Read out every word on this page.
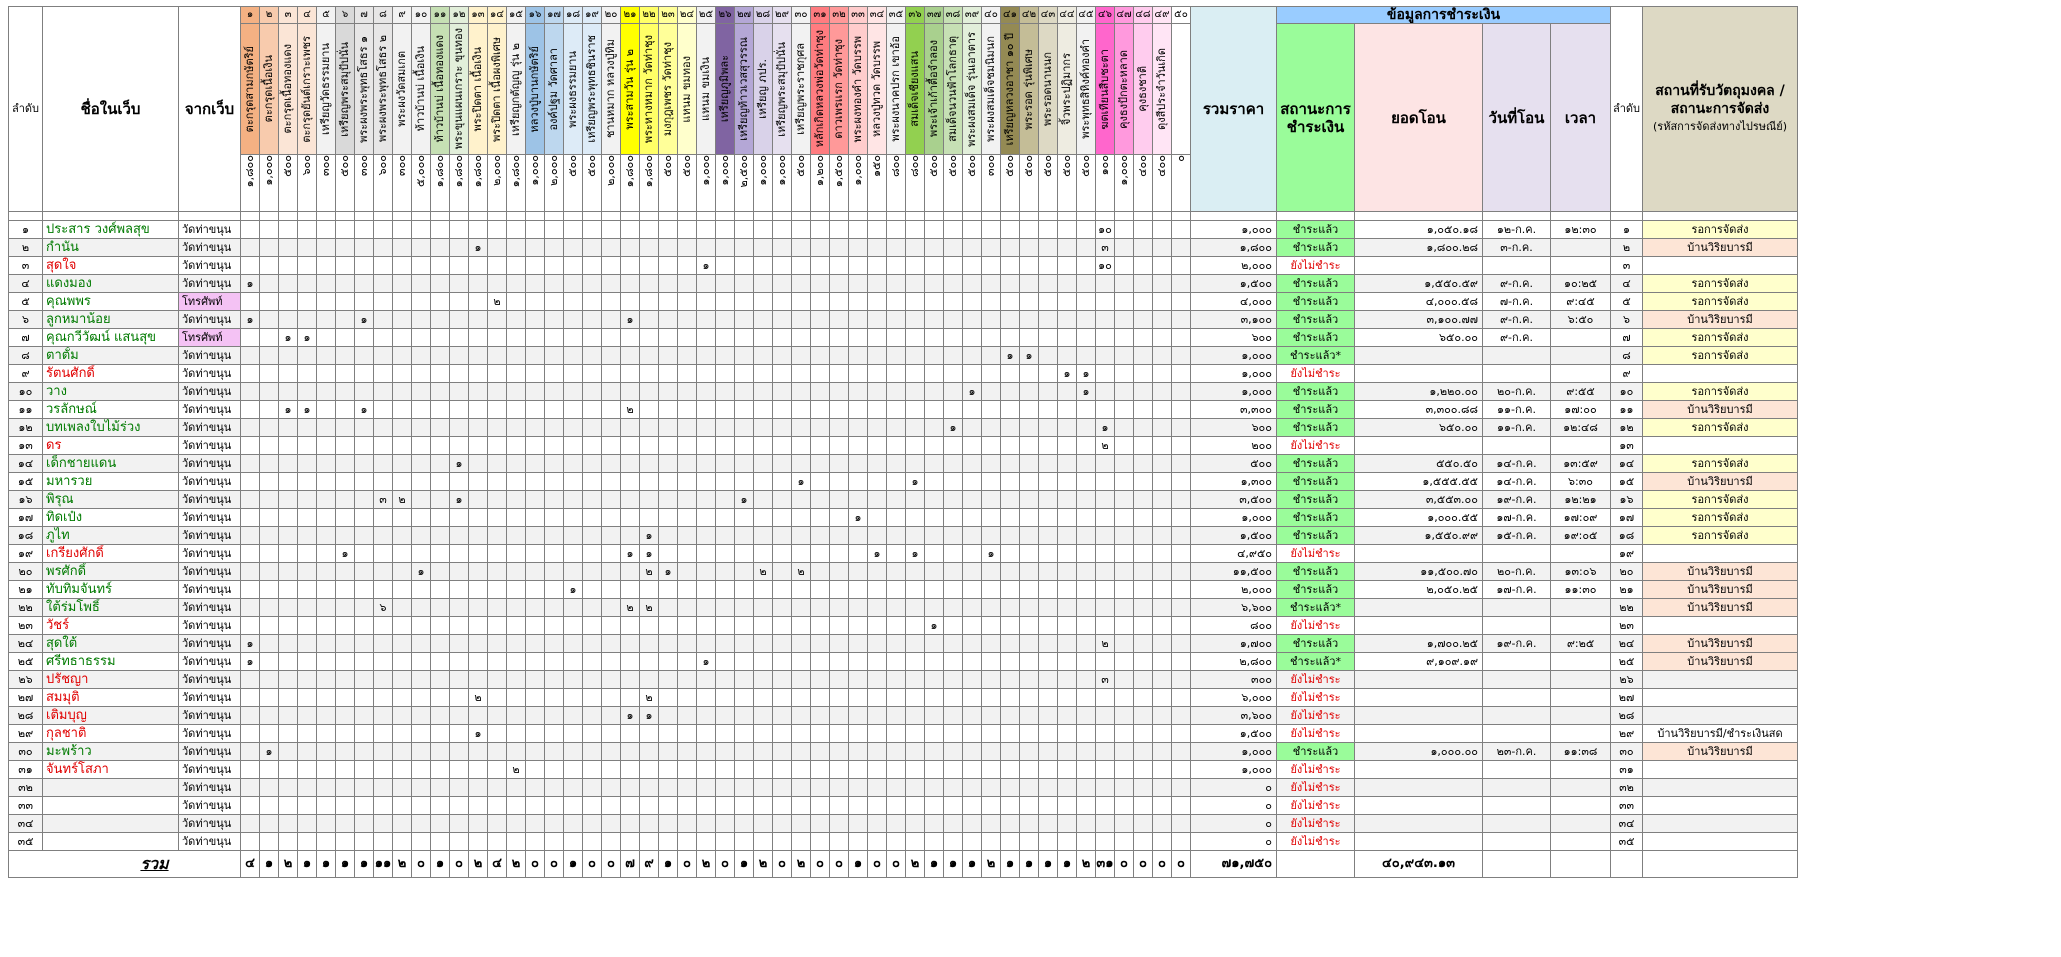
ลำดับ	ชื่อในเว็บ	จากเว็บ	๑	๒	๓	๔	๕	๖	๗	๘	๙	๑๐	๑๑	๑๒	๑๓	๑๔	๑๕	๑๖	๑๗	๑๘	๑๙	๒๐	๒๑	๒๒	๒๓	๒๔	๒๕	๒๖	๒๗	๒๘	๒๙	๓๐	๓๑	๓๒	๓๓	๓๔	๓๕	๓๖	๓๗	๓๘	๓๙	๔๐	๔๑	๔๒	๔๓	๔๔	๔๕	๔๖	๔๗	๔๘	๔๙	๕๐	รวมราคา	ข้อมูลการชำระเงิน				ลำดับ	สถานที่รับวัตถุมงคล / สถานะการจัดส่ง
(รหัสการจัดส่งทางไปรษณีย์)

			ตะกรุดสามกษัตริย์	ตะกรุดเนื้อเงิน	ตะกรุดเนื้อทองแดง	ตะกรุดยันต์เกราะเพชร	เหรียญวัดธรรมยาน	เหรียญพระสมุปัปนั่น	พระผงพระพุทธโสธร ๑	พระผงพระพุทธโสธร ๒	พระผงวัดสมเกต	ท้าวบ้านบ่ เนื้อเงิน	ท้าวบ้านบ่ เนื้อทองแดง	พระขุนแผนเกราะ ขุนทอง	พระปิดตา เนื้อเงิน	พระปิดตา เนื้อผงพิเศษ	เหรียญกตัญญู รุ่น ๒	หลวงปู่บานกษัตริย์	องค์ปฐม วัดศาลา	พระผงธรรมยาน	เหรียญพระพุทธชินราช	ชานหมาก หลวงปู่ทิม	พระสามวัน รุ่น ๒	พระหางหมาก วัดท่าชุง	มงกุฎเพชร วัดท่าชุง	แหนม ขมทอง	แหนม ขมเงิน	เหรียญภูมิพละ	เหรียญท้าวเวสสุวรรณ	เหรียญ ภปร.	เหรียญพระสมุปัปนั่น	เหรียญพระราชกุศล	หลักเกิดหลวงพ่อวัดท่าซุง	ดาวเพรเเรก วัดท่าซุง	พระผงทองคำ วัดบรรพ	หลวงปู่ทวด วัดบรรพ	พระผงนาคปรก เขาอ้อ	สมเด็จเชียงแสน	พระเจ้าเก้าตื้อจำลอง	สมเด็จนวนฟ้าโลกธาตุ	พระผงสมเด็จ รุ่นเอาตาร	พระผงสมเด็จชมนิมนก	เหรียญหลวงอาชา ๑๐ ปี	พระรอด รุ่นพิเศษ	พระรอดนานนก	จิ้วพระปฏิมากร	พระพุทธสิหิงค์ทองคำ	ฆตเทียนสืบชะตา	คุงธงปักตะหลาด	คุงธงชาติ	ดุงสีประจำวันเกิด			สถานะการชำระเงิน	ยอดโอน	วันที่โอน	เวลา		

			๑,๘๐๐	๑,๐๐๐	๕๐๐	๖๐๐	๓๐๐	๕๐๐	๓๐๐	๖๐๐	๓๐๐	๕,๐๐๐	๑,๘๐๐	๑,๘๐๐	๑,๘๐๐	๒,๐๐๐	๑,๘๐๐	๑,๐๐๐	๒,๐๐๐	๕๐๐	๕๐๐	๒,๐๐๐	๑,๘๐๐	๑,๘๐๐	๕๐๐	๕๐๐	๑,๐๐๐	๑,๐๐๐	๒,๕๐๐	๑,๐๐๐	๑,๐๐๐	๕๐๐	๑,๒๐๐	๑,๕๐๐	๑,๐๐๐	๑๕๐	๘๐๐	๘๐๐	๕๐๐	๕๐๐	๕๐๐	๓๐๐	๕๐๐	๕๐๐	๕๐๐	๕๐๐	๕๐๐	๑๐๐	๑,๐๐๐	๔๐๐	๔๐๐	๐							

๑	ประสาร วงศ์พลสุข	วัดท่าขนุน																																														๑๐					๑,๐๐๐	ชำระแล้ว	๑,๐๕๐.๑๘	๑๒-ก.ค.	๑๒:๓๐	๑	รอการจัดส่ง
๒	กำนัน	วัดท่าขนุน													๑																																	๓					๑,๘๐๐	ชำระแล้ว	๑,๘๐๐.๒๘	๓-ก.ค.		๒	บ้านวิริยบารมี
๓	สุดใจ	วัดท่าขนุน																									๑																					๑๐					๒,๐๐๐	ยังไม่ชำระ				๓	
๔	แดงมอง	วัดท่าขนุน	๑																																																		๑,๕๐๐	ชำระแล้ว	๑,๕๕๐.๕๙	๙-ก.ค.	๑๐:๒๕	๔	รอการจัดส่ง
๕	คุณพพร	โทรศัพท์														๒																																					๔,๐๐๐	ชำระแล้ว	๔,๐๐๐.๕๘	๗-ก.ค.	๙:๔๕	๕	รอการจัดส่ง
๖	ลูกหมาน้อย	วัดท่าขนุน	๑						๑														๑																														๓,๑๐๐	ชำระแล้ว	๓,๑๐๐.๗๗	๙-ก.ค.	๖:๕๐	๖	บ้านวิริยบารมี
๗	คุณกวีวัฒน์ แสนสุข	โทรศัพท์			๑	๑																																															๖๐๐	ชำระแล้ว	๖๕๐.๐๐	๙-ก.ค.		๗	รอการจัดส่ง
๘	ตาตั้ม	วัดท่าขนุน																																									๑	๑									๑,๐๐๐	ชำระแล้ว*				๘	รอการจัดส่ง
๙	รัตนศักดิ์	วัดท่าขนุน																																												๑	๑						๑,๐๐๐	ยังไม่ชำระ				๙	
๑๐	วาง	วัดท่าขนุน																																							๑						๑						๑,๐๐๐	ชำระแล้ว	๑,๒๒๐.๐๐	๒๐-ก.ค.	๙:๕๕	๑๐	รอการจัดส่ง
๑๑	วรลักษณ์	วัดท่าขนุน			๑	๑			๑														๒																														๓,๓๐๐	ชำระแล้ว	๓,๓๐๐.๘๘	๑๑-ก.ค.	๑๗:๐๐	๑๑	บ้านวิริยบารมี
๑๒	บทเพลงใบไม้ร่วง	วัดท่าขนุน																																						๑								๑					๖๐๐	ชำระแล้ว	๖๕๐.๐๐	๑๑-ก.ค.	๑๒:๔๘	๑๒	รอการจัดส่ง
๑๓	ดร	วัดท่าขนุน																																														๒					๒๐๐	ยังไม่ชำระ				๑๓	
๑๔	เด็กชายแดน	วัดท่าขนุน												๑																																							๕๐๐	ชำระแล้ว	๕๕๐.๕๐	๑๔-ก.ค.	๑๓:๕๙	๑๔	รอการจัดส่ง
๑๕	มหารวย	วัดท่าขนุน																														๑						๑															๑,๓๐๐	ชำระแล้ว	๑,๕๕๕.๕๕	๑๔-ก.ค.	๖:๓๐	๑๕	บ้านวิริยบารมี
๑๖	พิรุณ	วัดท่าขนุน								๓	๒			๑															๑																								๓,๕๐๐	ชำระแล้ว	๓,๕๕๓.๐๐	๑๙-ก.ค.	๑๒:๒๑	๑๖	รอการจัดส่ง
๑๗	ทิดเป๋ง	วัดท่าขนุน																																	๑																		๑,๐๐๐	ชำระแล้ว	๑,๐๐๐.๕๕	๑๗-ก.ค.	๑๗:๐๙	๑๗	รอการจัดส่ง
๑๘	ภูไท	วัดท่าขนุน																						๑																													๑,๕๐๐	ชำระแล้ว	๑,๕๕๐.๙๙	๑๕-ก.ค.	๑๙:๐๕	๑๘	รอการจัดส่ง
๑๙	เกรียงศักดิ์	วัดท่าขนุน						๑															๑	๑												๑		๑				๑											๔,๙๕๐	ยังไม่ชำระ				๑๙	
๒๐	พรศักดิ์	วัดท่าขนุน										๑												๒	๑					๒		๒																					๑๑,๕๐๐	ชำระแล้ว	๑๑,๕๐๐.๗๐	๒๐-ก.ค.	๑๓:๐๖	๒๐	บ้านวิริยบารมี
๒๑	ทับทิมจันทร์	วัดท่าขนุน																		๑																																	๒,๐๐๐	ชำระแล้ว	๒,๐๕๐.๒๕	๑๗-ก.ค.	๑๑:๓๐	๒๑	บ้านวิริยบารมี
๒๒	ใต้ร่มโพธิ์	วัดท่าขนุน								๖													๒	๒																													๖,๖๐๐	ชำระแล้ว*				๒๒	บ้านวิริยบารมี
๒๓	วัชร์	วัดท่าขนุน																																					๑														๘๐๐	ยังไม่ชำระ				๒๓	
๒๔	สุดใต้	วัดท่าขนุน	๑																																													๒					๑,๗๐๐	ชำระแล้ว	๑,๗๐๐.๒๕	๑๙-ก.ค.	๙:๒๕	๒๔	บ้านวิริยบารมี
๒๕	ศรีทธาธรรม	วัดท่าขนุน	๑																								๑																										๒,๘๐๐	ชำระแล้ว*	๙,๑๐๙.๑๙			๒๕	บ้านวิริยบารมี
๒๖	ปรัชญา	วัดท่าขนุน																																														๓					๓๐๐	ยังไม่ชำระ				๒๖	
๒๗	สมมุติ	วัดท่าขนุน													๒									๒																													๖,๐๐๐	ยังไม่ชำระ				๒๗	
๒๘	เติมบุญ	วัดท่าขนุน																					๑	๑																													๓,๖๐๐	ยังไม่ชำระ				๒๘	
๒๙	กุลชาติ	วัดท่าขนุน													๑																																						๑,๕๐๐	ยังไม่ชำระ				๒๙	บ้านวิริยบารมี/ชำระเงินสด
๓๐	มะพร้าว	วัดท่าขนุน		๑																																																	๑,๐๐๐	ชำระแล้ว	๑,๐๐๐.๐๐	๒๓-ก.ค.	๑๑:๓๘	๓๐	บ้านวิริยบารมี
๓๑	จันทร์โสภา	วัดท่าขนุน															๒																																				๑,๐๐๐	ยังไม่ชำระ				๓๑	
๓๒		วัดท่าขนุน																																																			๐	ยังไม่ชำระ				๓๒	
๓๓		วัดท่าขนุน																																																			๐	ยังไม่ชำระ				๓๓	
๓๔		วัดท่าขนุน																																																			๐	ยังไม่ชำระ				๓๔	
๓๕		วัดท่าขนุน																																																			๐	ยังไม่ชำระ				๓๕	
รวม			๔	๑	๒	๑	๑	๑	๑	๑๑	๒	๐	๑	๐	๒	๔	๒	๐	๐	๑	๐	๐	๗	๙	๑	๐	๒	๐	๑	๒	๐	๒	๐	๐	๑	๐	๐	๒	๑	๑	๑	๒	๑	๑	๑	๑	๒	๓๑	๐	๐	๐	๐	๗๑,๗๕๐		๔๐,๙๔๓.๑๓				
